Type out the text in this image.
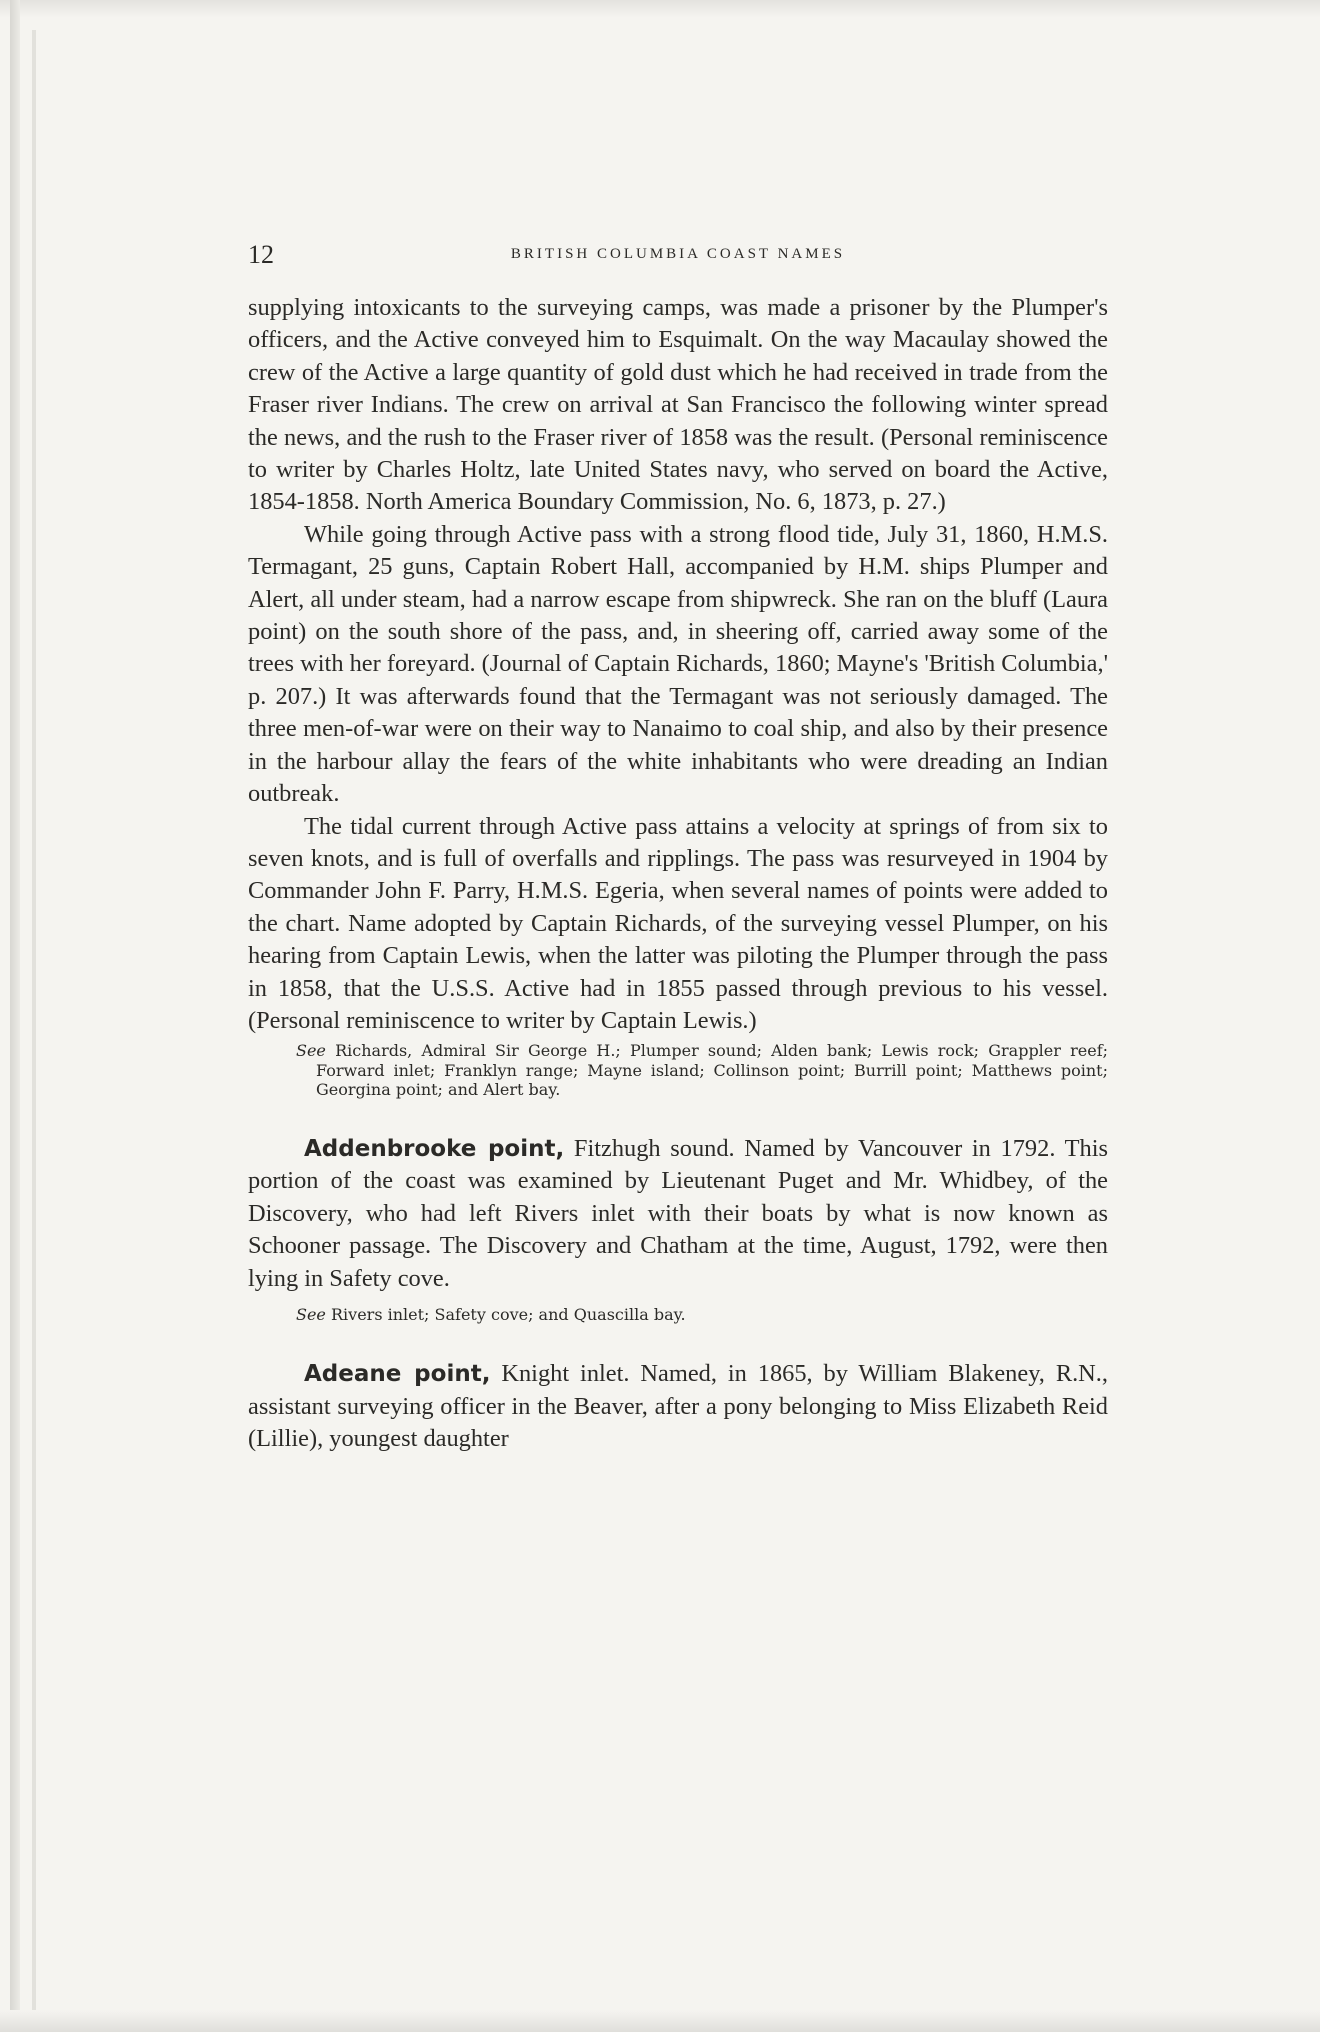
12	BRITISH COLUMBIA COAST NAMES

supplying intoxicants to the surveying camps, was made a prisoner by the Plumper's officers, and the Active conveyed him to Esquimalt. On the way Macaulay showed the crew of the Active a large quantity of gold dust which he had received in trade from the Fraser river Indians. The crew on arrival at San Francisco the following winter spread the news, and the rush to the Fraser river of 1858 was the result. (Personal reminiscence to writer by Charles Holtz, late United States navy, who served on board the Active, 1854-1858. North America Boundary Commission, No. 6, 1873, p. 27.)

While going through Active pass with a strong flood tide, July 31, 1860, H.M.S. Termagant, 25 guns, Captain Robert Hall, accompanied by H.M. ships Plumper and Alert, all under steam, had a narrow escape from shipwreck. She ran on the bluff (Laura point) on the south shore of the pass, and, in sheering off, carried away some of the trees with her foreyard. (Journal of Captain Richards, 1860; Mayne's 'British Columbia,' p. 207.) It was afterwards found that the Termagant was not seriously damaged. The three men-of-war were on their way to Nanaimo to coal ship, and also by their presence in the harbour allay the fears of the white inhabitants who were dreading an Indian outbreak.

The tidal current through Active pass attains a velocity at springs of from six to seven knots, and is full of overfalls and ripplings. The pass was resurveyed in 1904 by Commander John F. Parry, H.M.S. Egeria, when several names of points were added to the chart. Name adopted by Captain Richards, of the surveying vessel Plumper, on his hearing from Captain Lewis, when the latter was piloting the Plumper through the pass in 1858, that the U.S.S. Active had in 1855 passed through previous to his vessel. (Personal reminiscence to writer by Captain Lewis.)

See Richards, Admiral Sir George H.; Plumper sound; Alden bank; Lewis rock; Grappler reef; Forward inlet; Franklyn range; Mayne island; Collinson point; Burrill point; Matthews point; Georgina point; and Alert bay.

Addenbrooke point, Fitzhugh sound. Named by Vancouver in 1792. This portion of the coast was examined by Lieutenant Puget and Mr. Whidbey, of the Discovery, who had left Rivers inlet with their boats by what is now known as Schooner passage. The Discovery and Chatham at the time, August, 1792, were then lying in Safety cove.

See Rivers inlet; Safety cove; and Quascilla bay.

Adeane point, Knight inlet. Named, in 1865, by William Blakeney, R.N., assistant surveying officer in the Beaver, after a pony belonging to Miss Elizabeth Reid (Lillie), youngest daughter
